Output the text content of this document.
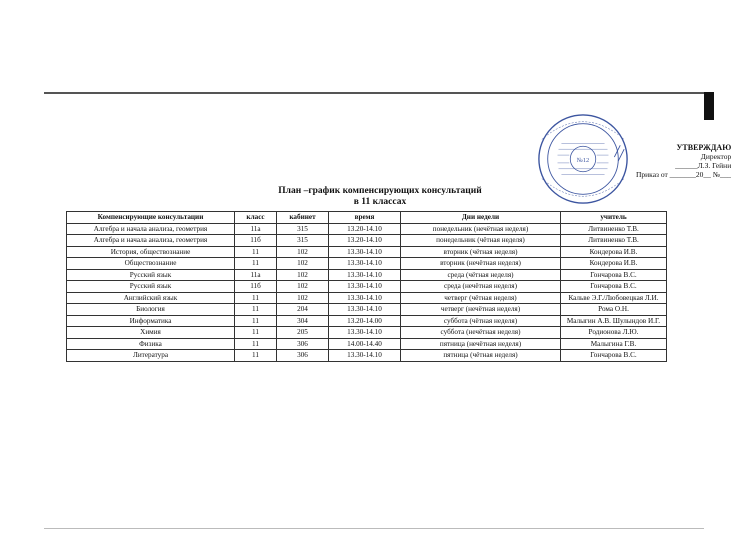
№12
УТВЕРЖДАЮ
Директор
______Л.З. Гейни
Приказ от _______20__ №___
План –график компенсирующих консультаций
в 11 классах
Компенсирующие консультации	класс	кабинет	время	Дни недели	учитель
Алгебра и начала анализа, геометрия	11а	315	13.20-14.10	понедельник (нечётная неделя)	Литвиненко Т.В.
Алгебра и начала анализа, геометрия	11б	315	13.20-14.10	понедельник (чётная неделя)	Литвиненко Т.В.
История, обществознание	11	102	13.30-14.10	вторник (чётная неделя)	Кондерова И.В.
Обществознание	11	102	13.30-14.10	вторник (нечётная неделя)	Кондерова И.В.
Русский язык	11а	102	13.30-14.10	среда (чётная неделя)	Гончарова В.С.
Русский язык	11б	102	13.30-14.10	среда (нечётная неделя)	Гончарова В.С.
Английский язык	11	102	13.30-14.10	четверг (чётная неделя)	Кальве Э.Г./Любовецкая Л.И.
Биология	11	204	13.30-14.10	четверг (нечётная неделя)	Рома О.Н.
Информатика	11	304	13.20-14.00	суббота (чётная неделя)	Малыгин А.В. Шулындов И.Г.
Химия	11	205	13.30-14.10	суббота (нечётная неделя)	Родионова Л.Ю.
Физика	11	306	14.00-14.40	пятница (нечётная неделя)	Малыгина Г.В.
Литература	11	306	13.30-14.10	пятница (чётная неделя)	Гончарова В.С.
